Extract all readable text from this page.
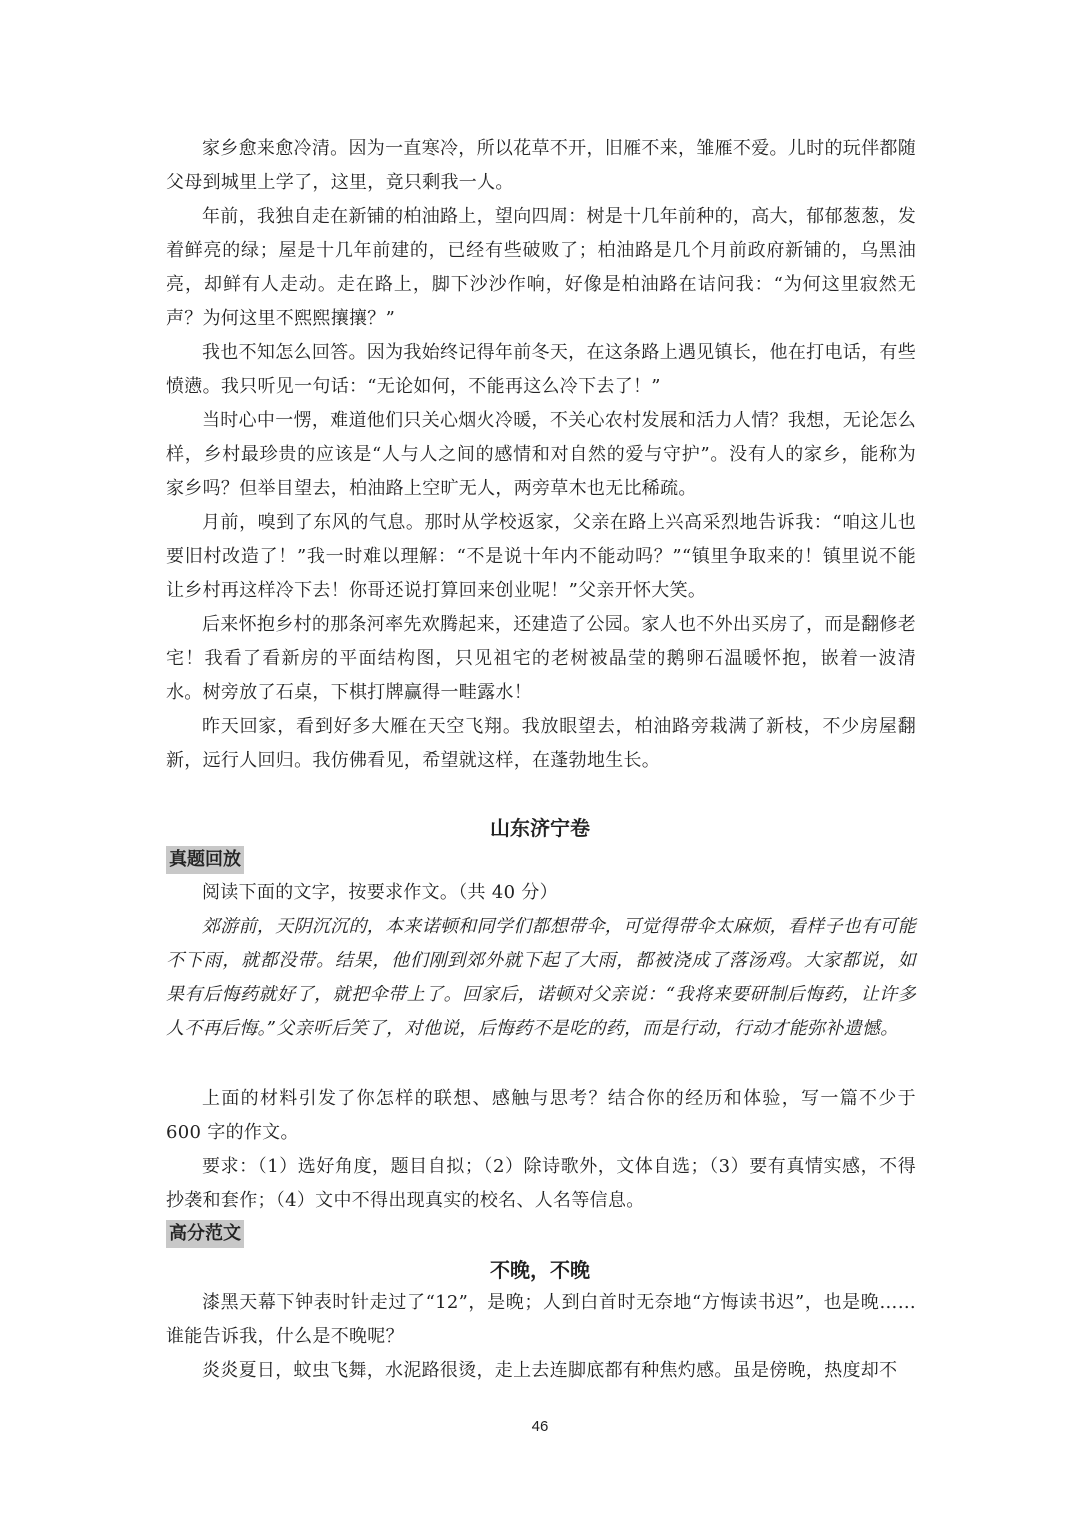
家乡愈来愈冷清。因为一直寒冷，所以花草不开，旧雁不来，雏雁不爱。儿时的玩伴都随父母到城里上学了，这里，竟只剩我一人。

年前，我独自走在新铺的柏油路上，望向四周：树是十几年前种的，高大，郁郁葱葱，发着鲜亮的绿；屋是十几年前建的，已经有些破败了；柏油路是几个月前政府新铺的，乌黑油亮，却鲜有人走动。走在路上，脚下沙沙作响，好像是柏油路在诘问我：“为何这里寂然无声？为何这里不熙熙攘攘？”

我也不知怎么回答。因为我始终记得年前冬天，在这条路上遇见镇长，他在打电话，有些愤懑。我只听见一句话：“无论如何，不能再这么冷下去了！”

当时心中一愣，难道他们只关心烟火冷暖，不关心农村发展和活力人情？我想，无论怎么样，乡村最珍贵的应该是“人与人之间的感情和对自然的爱与守护”。没有人的家乡，能称为家乡吗？但举目望去，柏油路上空旷无人，两旁草木也无比稀疏。

月前，嗅到了东风的气息。那时从学校返家，父亲在路上兴高采烈地告诉我：“咱这儿也要旧村改造了！”我一时难以理解：“不是说十年内不能动吗？”“镇里争取来的！镇里说不能让乡村再这样冷下去！你哥还说打算回来创业呢！”父亲开怀大笑。

后来怀抱乡村的那条河率先欢腾起来，还建造了公园。家人也不外出买房了，而是翻修老宅！我看了看新房的平面结构图，只见祖宅的老树被晶莹的鹅卵石温暖怀抱，嵌着一波清水。树旁放了石桌，下棋打牌赢得一畦露水！

昨天回家，看到好多大雁在天空飞翔。我放眼望去，柏油路旁栽满了新枝，不少房屋翻新，远行人回归。我仿佛看见，希望就这样，在蓬勃地生长。

山东济宁卷
真题回放

阅读下面的文字，按要求作文。（共 40 分）

郊游前，天阴沉沉的，本来诺顿和同学们都想带伞，可觉得带伞太麻烦，看样子也有可能不下雨，就都没带。结果，他们刚到郊外就下起了大雨，都被浇成了落汤鸡。大家都说，如果有后悔药就好了，就把伞带上了。回家后，诺顿对父亲说：“我将来要研制后悔药，让许多人不再后悔。”父亲听后笑了，对他说，后悔药不是吃的药，而是行动，行动才能弥补遗憾。

上面的材料引发了你怎样的联想、感触与思考？结合你的经历和体验，写一篇不少于 600 字的作文。

要求：（1）选好角度，题目自拟；（2）除诗歌外，文体自选；（3）要有真情实感，不得抄袭和套作；（4）文中不得出现真实的校名、人名等信息。

高分范文
不晚，不晚

漆黑天幕下钟表时针走过了“12”，是晚；人到白首时无奈地“方悔读书迟”，也是晚……谁能告诉我，什么是不晚呢？

炎炎夏日，蚊虫飞舞，水泥路很烫，走上去连脚底都有种焦灼感。虽是傍晚，热度却不

46
